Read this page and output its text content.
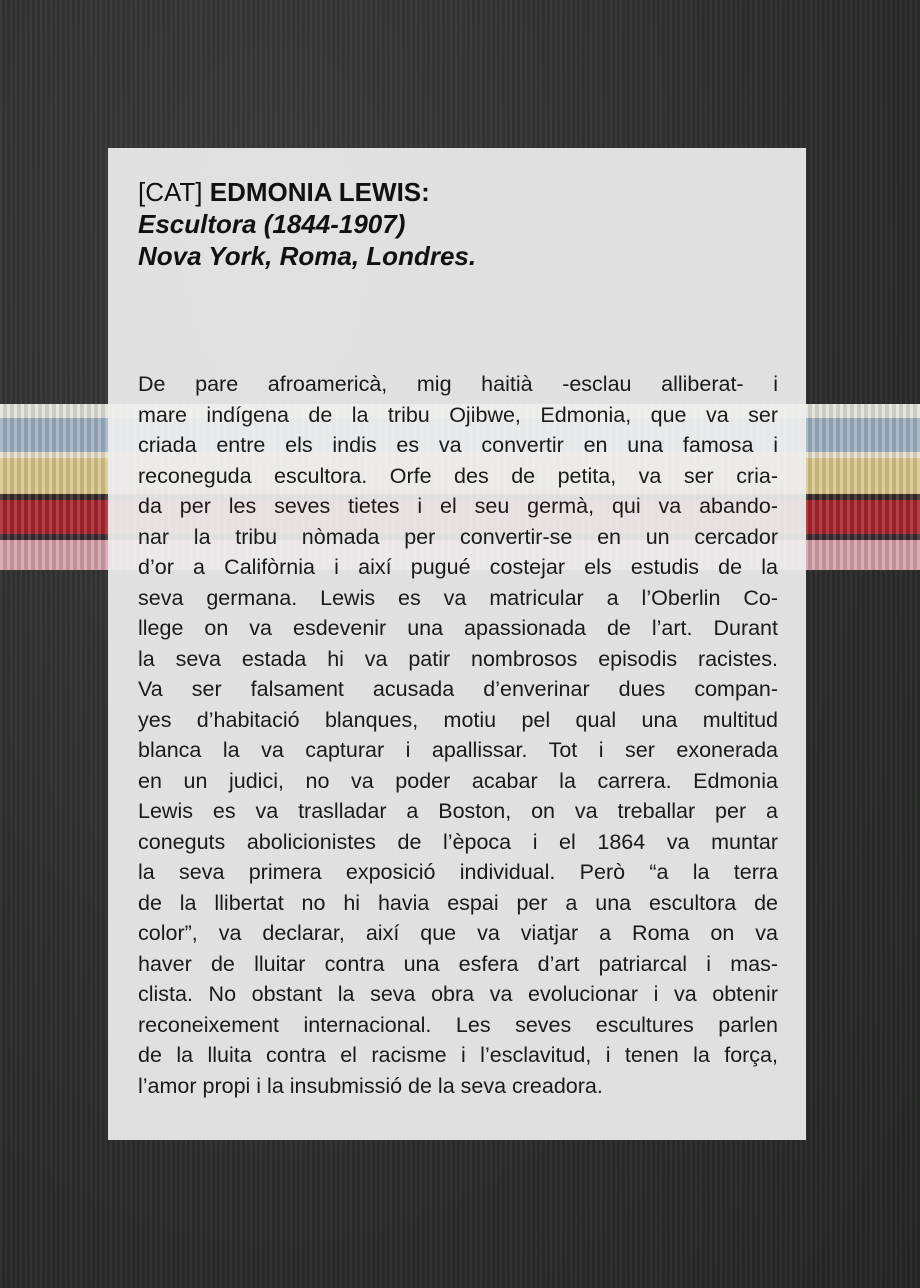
[CAT] EDMONIA LEWIS:
Escultora (1844-1907)
Nova York, Roma, Londres.
De pare afroamericà, mig haitià -esclau alliberat- i
mare indígena de la tribu Ojibwe, Edmonia, que va ser
criada entre els indis es va convertir en una famosa i
reconeguda escultora. Orfe des de petita, va ser cria-
da per les seves tietes i el seu germà, qui va abando-
nar la tribu nòmada per convertir-se en un cercador
d’or a Califòrnia i així pugué costejar els estudis de la
seva germana. Lewis es va matricular a l’Oberlin Co-
llege on va esdevenir una apassionada de l’art. Durant
la seva estada hi va patir nombrosos episodis racistes.
Va ser falsament acusada d’enverinar dues compan-
yes d’habitació blanques, motiu pel qual una multitud
blanca la va capturar i apallissar. Tot i ser exonerada
en un judici, no va poder acabar la carrera. Edmonia
Lewis es va traslladar a Boston, on va treballar per a
coneguts abolicionistes de l’època i el 1864 va muntar
la seva primera exposició individual. Però “a la terra
de la llibertat no hi havia espai per a una escultora de
color”, va declarar, així que va viatjar a Roma on va
haver de lluitar contra una esfera d’art patriarcal i mas-
clista. No obstant la seva obra va evolucionar i va obtenir
reconeixement internacional. Les seves escultures parlen
de la lluita contra el racisme i l’esclavitud, i tenen la força,
l’amor propi i la insubmissió de la seva creadora.
